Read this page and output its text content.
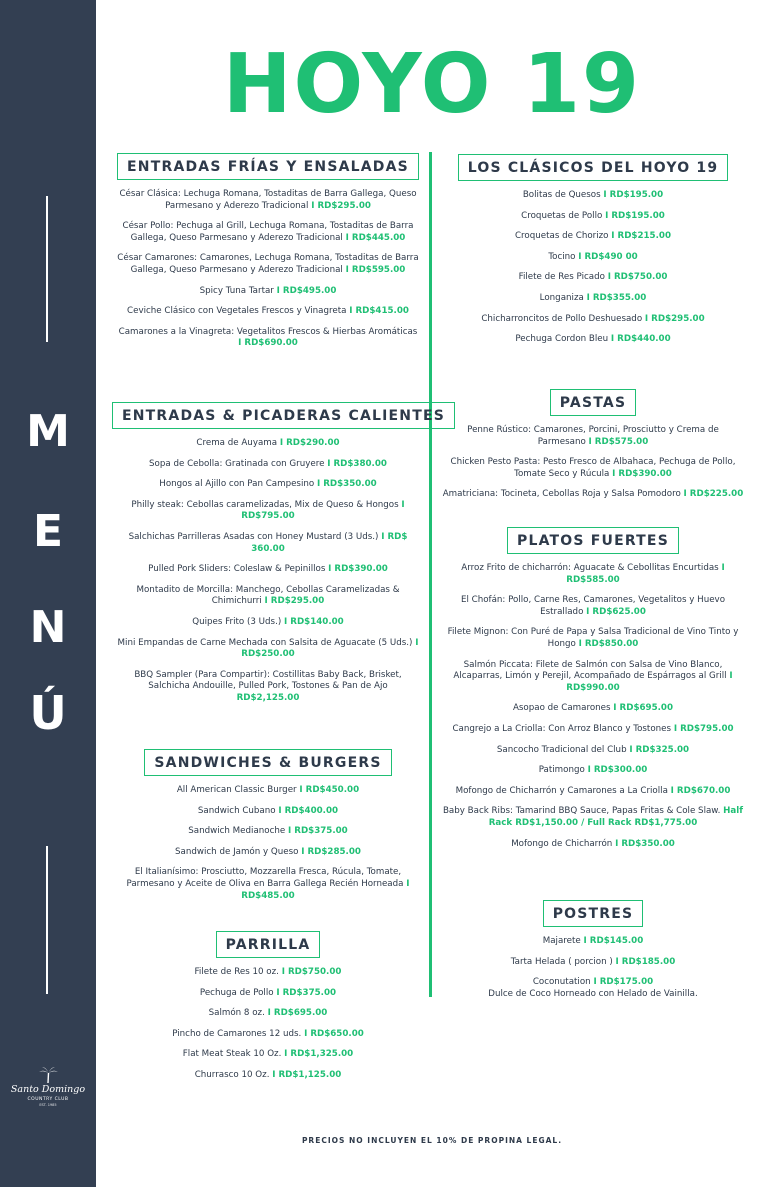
M
E
N
Ú
Santo Domingo
COUNTRY CLUB
EST. 1985
HOYO 19
ENTRADAS FRÍAS Y ENSALADAS
César Clásica: Lechuga Romana, Tostaditas de Barra Gallega, Queso Parmesano y Aderezo Tradicional I RD$295.00
César Pollo: Pechuga al Grill, Lechuga Romana, Tostaditas de Barra Gallega, Queso Parmesano y Aderezo Tradicional I RD$445.00
César Camarones: Camarones, Lechuga Romana, Tostaditas de Barra Gallega, Queso Parmesano y Aderezo Tradicional I RD$595.00
Spicy Tuna Tartar I RD$495.00
Ceviche Clásico con Vegetales Frescos y Vinagreta I RD$415.00
Camarones a la Vinagreta: Vegetalitos Frescos & Hierbas Aromáticas I RD$690.00
ENTRADAS & PICADERAS CALIENTES
Crema de Auyama I RD$290.00
Sopa de Cebolla: Gratinada con Gruyere I RD$380.00
Hongos al Ajillo con Pan Campesino I RD$350.00
Philly steak: Cebollas caramelizadas, Mix de Queso & Hongos I RD$795.00
Salchichas Parrilleras Asadas con Honey Mustard (3 Uds.) I RD$ 360.00
Pulled Pork Sliders: Coleslaw & Pepinillos I RD$390.00
Montadito de Morcilla: Manchego, Cebollas Caramelizadas & Chimichurri I RD$295.00
Quipes Frito (3 Uds.) I RD$140.00
Mini Empandas de Carne Mechada con Salsita de Aguacate (5 Uds.) I RD$250.00
BBQ Sampler (Para Compartir): Costillitas Baby Back, Brisket, Salchicha Andouille, Pulled Pork, Tostones & Pan de Ajo RD$2,125.00
SANDWICHES & BURGERS
All American Classic Burger I RD$450.00
Sandwich Cubano I RD$400.00
Sandwich Medianoche I RD$375.00
Sandwich de Jamón y Queso I RD$285.00
El Italianísimo: Prosciutto, Mozzarella Fresca, Rúcula, Tomate, Parmesano y Aceite de Oliva en Barra Gallega Recién Horneada I RD$485.00
PARRILLA
Filete de Res 10 oz. I RD$750.00
Pechuga de Pollo I RD$375.00
Salmón 8 oz. I RD$695.00
Pincho de Camarones 12 uds. I RD$650.00
Flat Meat Steak 10 Oz. I RD$1,325.00
Churrasco 10 Oz. I RD$1,125.00
LOS CLÁSICOS DEL HOYO 19
Bolitas de Quesos I RD$195.00
Croquetas de Pollo I RD$195.00
Croquetas de Chorizo I RD$215.00
Tocino I RD$490 00
Filete de Res Picado I RD$750.00
Longaniza I RD$355.00
Chicharroncitos de Pollo Deshuesado I RD$295.00
Pechuga Cordon Bleu I RD$440.00
PASTAS
Penne Rústico: Camarones, Porcini, Prosciutto y Crema de Parmesano I RD$575.00
Chicken Pesto Pasta: Pesto Fresco de Albahaca, Pechuga de Pollo, Tomate Seco y Rúcula I RD$390.00
Amatriciana: Tocineta, Cebollas Roja y Salsa Pomodoro I RD$225.00
PLATOS FUERTES
Arroz Frito de chicharrón: Aguacate & Cebollitas Encurtidas I RD$585.00
El Chofán: Pollo, Carne Res, Camarones, Vegetalitos y Huevo Estrallado I RD$625.00
Filete Mignon: Con Puré de Papa y Salsa Tradicional de Vino Tinto y Hongo I RD$850.00
Salmón Piccata: Filete de Salmón con Salsa de Vino Blanco, Alcaparras, Limón y Perejil, Acompañado de Espárragos al Grill I RD$990.00
Asopao de Camarones I RD$695.00
Cangrejo a La Criolla: Con Arroz Blanco y Tostones I RD$795.00
Sancocho Tradicional del Club I RD$325.00
Patimongo I RD$300.00
Mofongo de Chicharrón y Camarones a La Criolla I RD$670.00
Baby Back Ribs: Tamarind BBQ Sauce, Papas Fritas & Cole Slaw. Half Rack RD$1,150.00 / Full Rack RD$1,775.00
Mofongo de Chicharrón I RD$350.00
POSTRES
Majarete I RD$145.00
Tarta Helada ( porcion ) I RD$185.00
Coconutation I RD$175.00
Dulce de Coco Horneado con Helado de Vainilla.
PRECIOS NO INCLUYEN EL 10% DE PROPINA LEGAL.
